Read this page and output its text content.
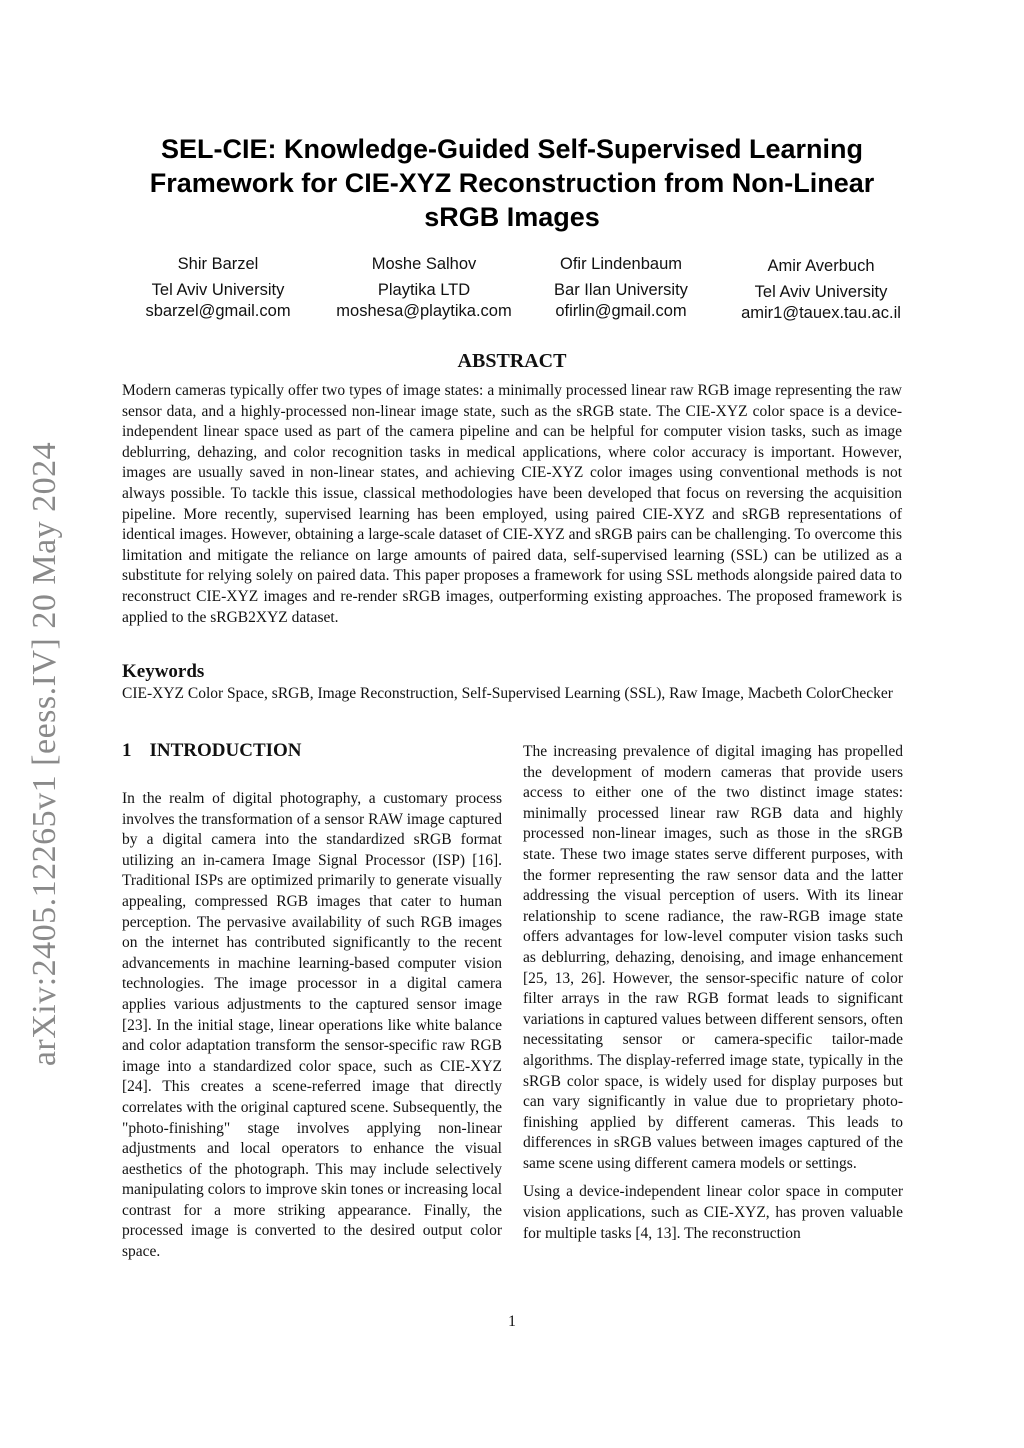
arXiv:2405.12265v1 [eess.IV] 20 May 2024
SEL-CIE: Knowledge-Guided Self-Supervised Learning Framework for CIE-XYZ Reconstruction from Non-Linear sRGB Images
Shir Barzel
Tel Aviv University
sbarzel@gmail.com
Moshe Salhov
Playtika LTD
moshesa@playtika.com
Ofir Lindenbaum
Bar Ilan University
ofirlin@gmail.com
Amir Averbuch
Tel Aviv University
amir1@tauex.tau.ac.il
ABSTRACT
Modern cameras typically offer two types of image states: a minimally processed linear raw RGB image representing the raw sensor data, and a highly-processed non-linear image state, such as the sRGB state. The CIE-XYZ color space is a device-independent linear space used as part of the camera pipeline and can be helpful for computer vision tasks, such as image deblurring, dehazing, and color recognition tasks in medical applications, where color accuracy is important. However, images are usually saved in non-linear states, and achieving CIE-XYZ color images using conventional methods is not always possible. To tackle this issue, classical methodologies have been developed that focus on reversing the acquisition pipeline. More recently, supervised learning has been employed, using paired CIE-XYZ and sRGB representations of identical images. However, obtaining a large-scale dataset of CIE-XYZ and sRGB pairs can be challenging. To overcome this limitation and mitigate the reliance on large amounts of paired data, self-supervised learning (SSL) can be utilized as a substitute for relying solely on paired data. This paper proposes a framework for using SSL methods alongside paired data to reconstruct CIE-XYZ images and re-render sRGB images, outperforming existing approaches. The proposed framework is applied to the sRGB2XYZ dataset.
Keywords
CIE-XYZ Color Space, sRGB, Image Reconstruction, Self-Supervised Learning (SSL), Raw Image, Macbeth ColorChecker
1 INTRODUCTION

In the realm of digital photography, a customary process involves the transformation of a sensor RAW image captured by a digital camera into the standardized sRGB format utilizing an in-camera Image Signal Processor (ISP) [16]. Traditional ISPs are optimized primarily to generate visually appealing, compressed RGB images that cater to human perception. The pervasive availability of such RGB images on the internet has contributed significantly to the recent advancements in machine learning-based computer vision technologies. The image processor in a digital camera applies various adjustments to the captured sensor image [23]. In the initial stage, linear operations like white balance and color adaptation transform the sensor-specific raw RGB image into a standardized color space, such as CIE-XYZ [24]. This creates a scene-referred image that directly correlates with the original captured scene. Subsequently, the "photo-finishing" stage involves applying non-linear adjustments and local operators to enhance the visual aesthetics of the photograph. This may include selectively manipulating colors to improve skin tones or increasing local contrast for a more striking appearance. Finally, the processed image is converted to the desired output color space.

The increasing prevalence of digital imaging has propelled the development of modern cameras that provide users access to either one of the two distinct image states: minimally processed linear raw RGB data and highly processed non-linear images, such as those in the sRGB state. These two image states serve different purposes, with the former representing the raw sensor data and the latter addressing the visual perception of users. With its linear relationship to scene radiance, the raw-RGB image state offers advantages for low-level computer vision tasks such as deblurring, dehazing, denoising, and image enhancement [25, 13, 26]. However, the sensor-specific nature of color filter arrays in the raw RGB format leads to significant variations in captured values between different sensors, often necessitating sensor or camera-specific tailor-made algorithms. The display-referred image state, typically in the sRGB color space, is widely used for display purposes but can vary significantly in value due to proprietary photo-finishing applied by different cameras. This leads to differences in sRGB values between images captured of the same scene using different camera models or settings.

Using a device-independent linear color space in computer vision applications, such as CIE-XYZ, has proven valuable for multiple tasks [4, 13]. The reconstruction

1
